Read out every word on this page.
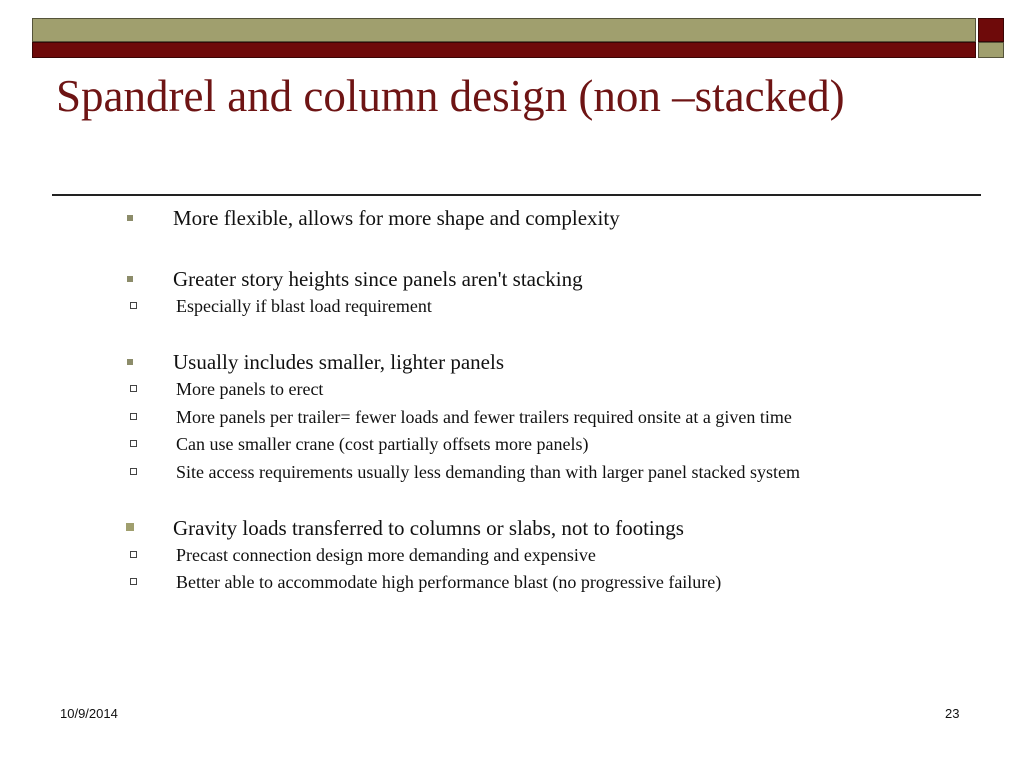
Spandrel and column design (non –stacked)
More flexible, allows for more shape and complexity
Greater story heights since panels aren't stacking
Especially if blast load requirement
Usually includes smaller, lighter panels
More panels to erect
More panels per trailer= fewer loads and fewer trailers required onsite at a given time
Can use smaller crane (cost partially offsets more panels)
Site access requirements usually less demanding than with larger panel stacked system
Gravity loads transferred to columns or slabs, not to footings
Precast connection design more demanding and expensive
Better able to accommodate high performance blast (no progressive failure)
10/9/2014	23
